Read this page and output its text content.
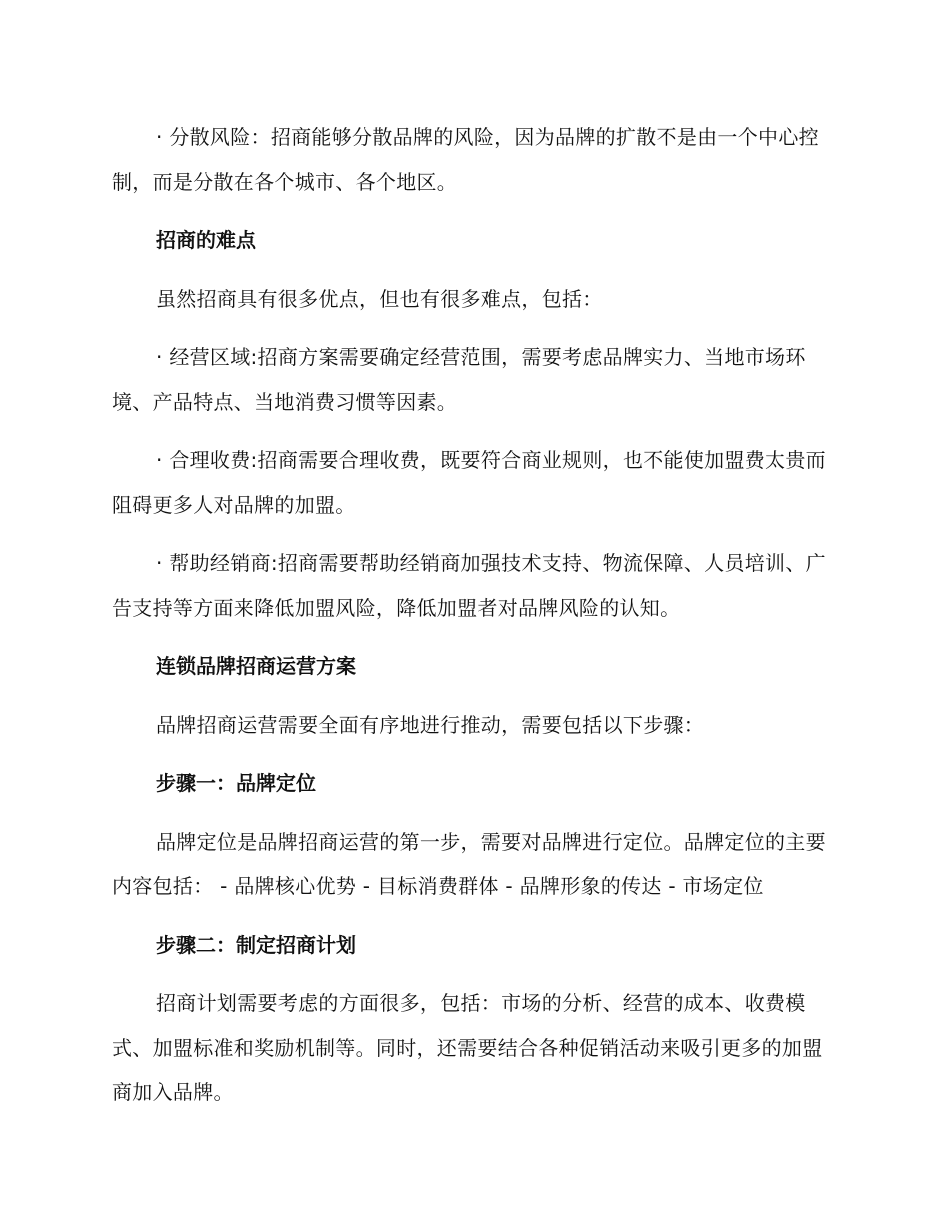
· 分散风险：招商能够分散品牌的风险，因为品牌的扩散不是由一个中心控制，而是分散在各个城市、各个地区。

招商的难点

虽然招商具有很多优点，但也有很多难点，包括：

· 经营区域:招商方案需要确定经营范围，需要考虑品牌实力、当地市场环境、产品特点、当地消费习惯等因素。

· 合理收费:招商需要合理收费，既要符合商业规则，也不能使加盟费太贵而阻碍更多人对品牌的加盟。

· 帮助经销商:招商需要帮助经销商加强技术支持、物流保障、人员培训、广告支持等方面来降低加盟风险，降低加盟者对品牌风险的认知。

连锁品牌招商运营方案

品牌招商运营需要全面有序地进行推动，需要包括以下步骤：

步骤一：品牌定位

品牌定位是品牌招商运营的第一步，需要对品牌进行定位。品牌定位的主要内容包括： - 品牌核心优势 - 目标消费群体 - 品牌形象的传达 - 市场定位

步骤二：制定招商计划

招商计划需要考虑的方面很多，包括：市场的分析、经营的成本、收费模式、加盟标准和奖励机制等。同时，还需要结合各种促销活动来吸引更多的加盟商加入品牌。
